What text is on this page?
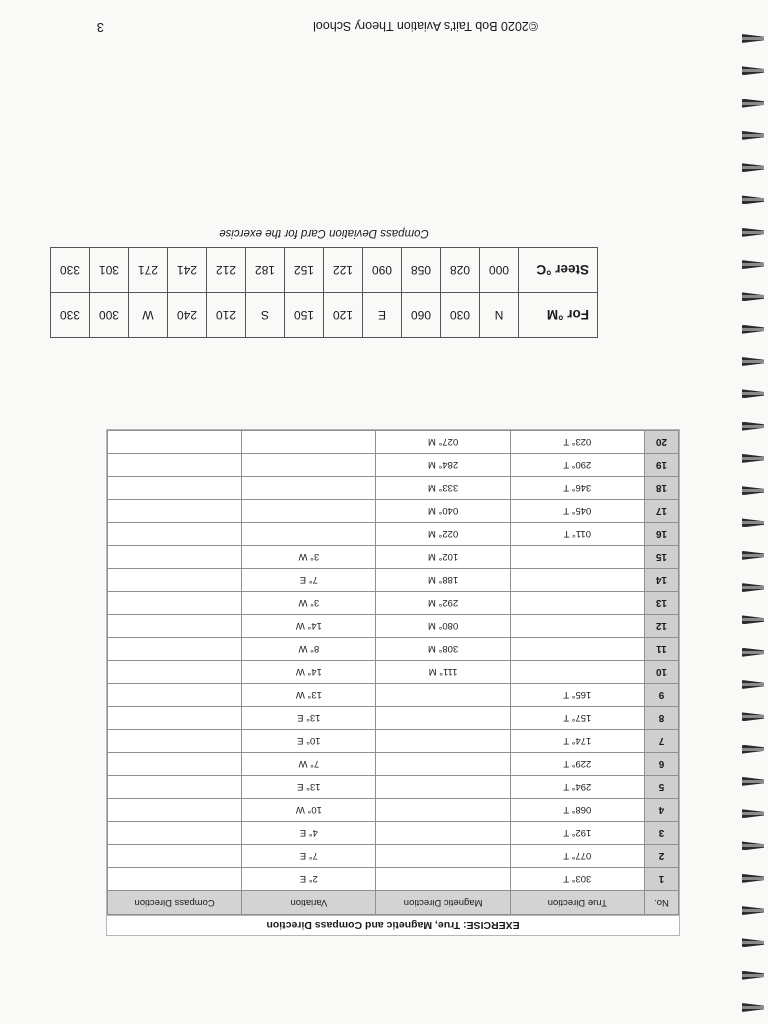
EXERCISE: True, Magnetic and Compass Direction
No.	True Direction	Magnetic Direction	Variation	Compass Direction
1	303° T		2° E	
2	077° T		7° E	
3	192° T		4° E	
4	068° T		10° W	
5	294° T		13° E	
6	229° T		7° W	
7	174° T		10° E	
8	157° T		13° E	
9	165° T		13° W	
10		111° M	14° W	
11		308° M	8° W	
12		080° M	14° W	
13		292° M	3° W	
14		188° M	7° E	
15		102° M	3° W	
16	011° T	022° M		
17	045° T	040° M		
18	346° T	333° M		
19	290° T	284° M		
20	023° T	027° M		
For °M	N	030	060	E	120	150	S	210	240	W	300	330
Steer °C	000	028	058	090	122	152	182	212	241	271	301	330
Compass Deviation Card for the exercise
©2020 Bob Tait's Aviation Theory School
3
